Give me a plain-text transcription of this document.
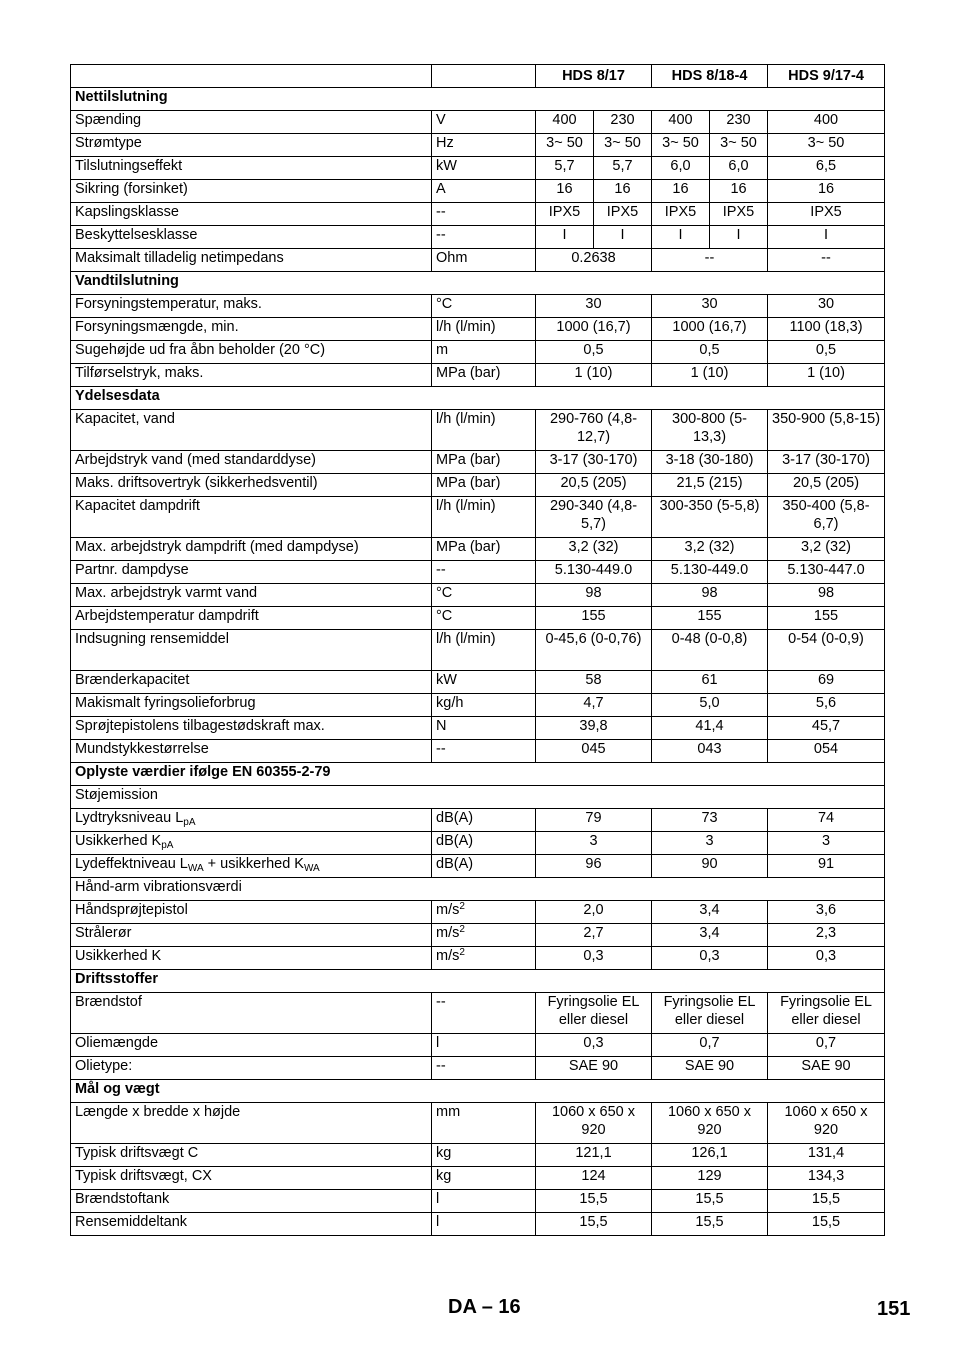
		HDS 8/17		HDS 8/18-4		HDS 9/17-4
Nettilslutning						
Spænding	V	400	230	400	230	400
Strømtype	Hz	3~ 50	3~ 50	3~ 50	3~ 50	3~ 50
Tilslutningseffekt	kW	5,7	5,7	6,0	6,0	6,5
Sikring (forsinket)	A	16	16	16	16	16
Kapslingsklasse	--	IPX5	IPX5	IPX5	IPX5	IPX5
Beskyttelsesklasse	--	I	I	I	I	I
Maksimalt tilladelig netimpedans	Ohm	0.2638		--		--
Vandtilslutning						
Forsyningstemperatur, maks.	°C	30		30		30
Forsyningsmængde, min.	l/h (l/min)	1000 (16,7)		1000 (16,7)		1100 (18,3)
Sugehøjde ud fra åbn beholder (20 °C)	m	0,5		0,5		0,5
Tilførselstryk, maks.	MPa (bar)	1 (10)		1 (10)		1 (10)
Ydelsesdata						
Kapacitet, vand	l/h (l/min)	290-760 (4,8-12,7)		300-800 (5-13,3)		350-900 (5,8-15)
Arbejdstryk vand (med standarddyse)	MPa (bar)	3-17 (30-170)		3-18 (30-180)		3-17 (30-170)
Maks. driftsovertryk (sikkerhedsventil)	MPa (bar)	20,5 (205)		21,5 (215)		20,5 (205)
Kapacitet dampdrift	l/h (l/min)	290-340 (4,8-5,7)		300-350 (5-5,8)		350-400 (5,8-6,7)
Max. arbejdstryk dampdrift (med dampdyse)	MPa (bar)	3,2 (32)		3,2 (32)		3,2 (32)
Partnr. dampdyse	--	5.130-449.0		5.130-449.0		5.130-447.0
Max. arbejdstryk varmt vand	°C	98		98		98
Arbejdstemperatur dampdrift	°C	155		155		155
Indsugning rensemiddel	l/h (l/min)	0-45,6 (0-0,76)		0-48 (0-0,8)		0-54 (0-0,9)
Brænderkapacitet	kW	58		61		69
Makismalt fyringsolieforbrug	kg/h	4,7		5,0		5,6
Sprøjtepistolens tilbagestødskraft max.	N	39,8		41,4		45,7
Mundstykkestørrelse	--	045		043		054
Oplyste værdier ifølge EN 60355-2-79						
Støjemission						
Lydtryksniveau $L_{pA}$	dB(A)	79		73		74
Usikkerhed $K_{pA}$	dB(A)	3		3		3
Lydeffektniveau $L_{WA}$ + usikkerhed $K_{WA}$	dB(A)	96		90		91
Hånd-arm vibrationsværdi						
Håndsprøjtepistol	$m/s^2$	2,0		3,4		3,6
Strålerør	$m/s^2$	2,7		3,4		2,3
Usikkerhed K	$m/s^2$	0,3		0,3		0,3
Driftsstoffer						
Brændstof	--	Fyringsolie EL eller diesel		Fyringsolie EL eller diesel		Fyringsolie EL eller diesel
Oliemængde	l	0,3		0,7		0,7
Olietype:	--	SAE 90		SAE 90		SAE 90
Mål og vægt						
Længde x bredde x højde	mm	1060 x 650 x 920		1060 x 650 x 920		1060 x 650 x 920
Typisk driftsvægt C	kg	121,1		126,1		131,4
Typisk driftsvægt, CX	kg	124		129		134,3
Brændstoftank	l	15,5		15,5		15,5
Rensemiddeltank	l	15,5		15,5		15,5
DA – 16	151
